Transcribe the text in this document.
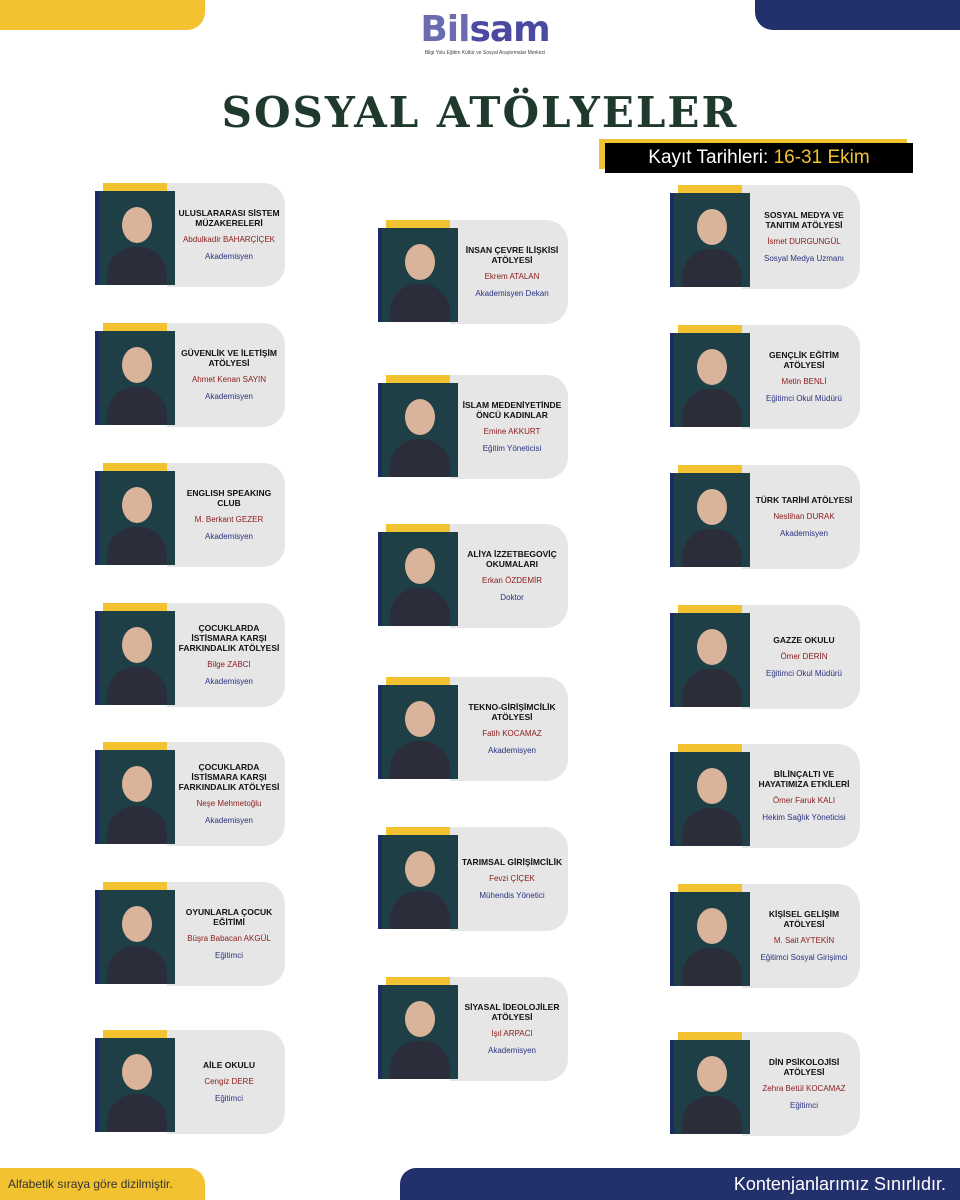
Bilsam
Bilgi Yolu Eğitim Kültür ve Sosyal Araştırmalar Merkezi
SOSYAL ATÖLYELER
Kayıt Tarihleri: 16-31 Ekim
ULUSLARARASI SİSTEM MÜZAKERELERİ
Abdulkadir BAHARÇİÇEK
Akademisyen
GÜVENLİK VE İLETİŞİM ATÖLYESİ
Ahmet Kenan SAYIN
Akademisyen
ENGLISH SPEAKING CLUB
M. Berkant GEZER
Akademisyen
ÇOCUKLARDA İSTİSMARA KARŞI FARKINDALIK ATÖLYESİ
Bilge ZABCI
Akademisyen
ÇOCUKLARDA İSTİSMARA KARŞI FARKINDALIK ATÖLYESİ
Neşe Mehmetoğlu
Akademisyen
OYUNLARLA ÇOCUK EĞİTİMİ
Büşra Babacan AKGÜL
Eğitimci
AİLE OKULU
Cengiz DERE
Eğitimci
İNSAN ÇEVRE İLİŞKİSİ ATÖLYESİ
Ekrem ATALAN
Akademisyen Dekan
İSLAM MEDENİYETİNDE ÖNCÜ KADINLAR
Emine AKKURT
Eğitim Yöneticisi
ALİYA İZZETBEGOVİÇ OKUMALARI
Erkan ÖZDEMİR
Doktor
TEKNO-GİRİŞİMCİLİK ATÖLYESİ
Fatih KOCAMAZ
Akademisyen
TARIMSAL GİRİŞİMCİLİK
Fevzi ÇİÇEK
Mühendis Yönetici
SİYASAL İDEOLOJİLER ATÖLYESİ
Işıl ARPACI
Akademisyen
SOSYAL MEDYA VE TANITIM ATÖLYESİ
İsmet DURGUNGÜL
Sosyal Medya Uzmanı
GENÇLİK EĞİTİM ATÖLYESİ
Metin BENLİ
Eğitimci Okul Müdürü
TÜRK TARİHİ ATÖLYESİ
Neslihan DURAK
Akademisyen
GAZZE OKULU
Ömer DERİN
Eğitimci Okul Müdürü
BİLİNÇALTI VE HAYATIMIZA ETKİLERİ
Ömer Faruk KALI
Hekim Sağlık Yöneticisi
KİŞİSEL GELİŞİM ATÖLYESİ
M. Sait AYTEKİN
Eğitimci Sosyal Girişimci
DİN PSİKOLOJİSİ ATÖLYESİ
Zehra Betül KOCAMAZ
Eğitimci
Alfabetik sıraya göre dizilmiştir.	Kontenjanlarımız Sınırlıdır.
